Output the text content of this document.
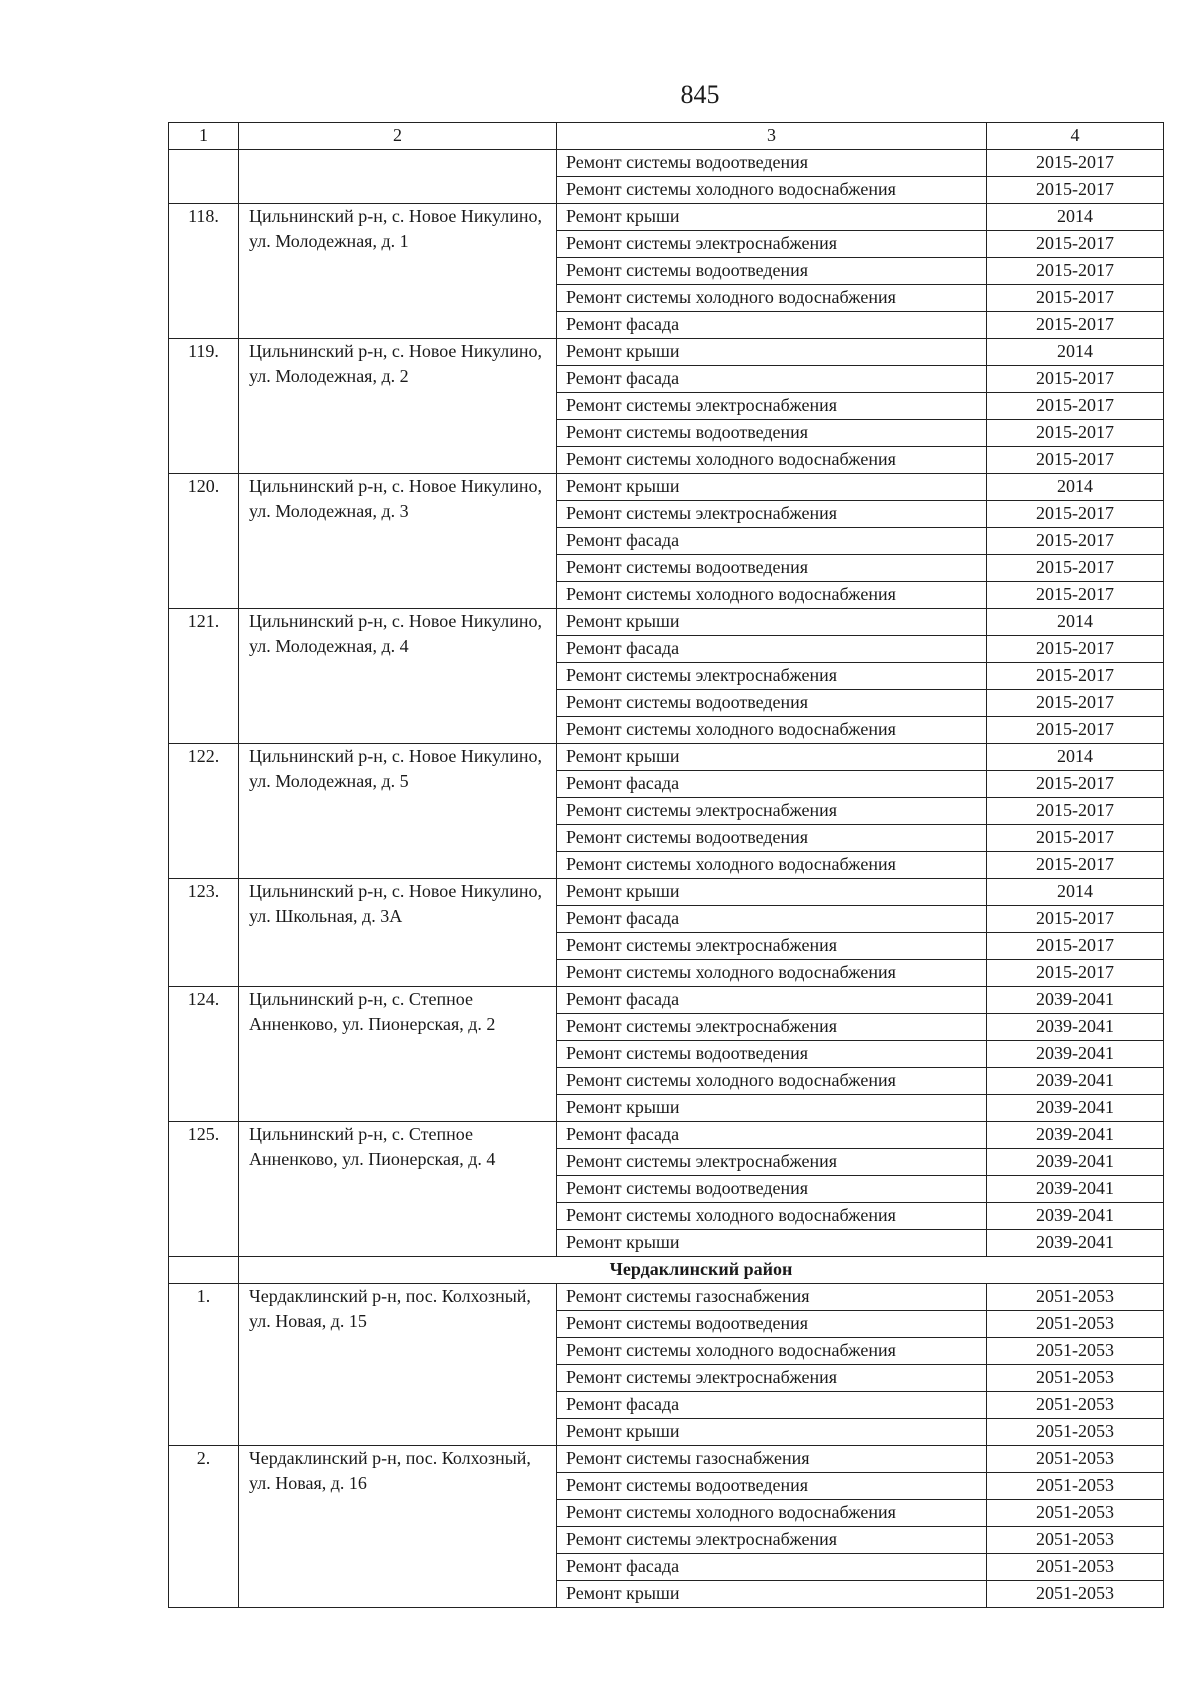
845
1	2	3	4
		Ремонт системы водоотведения	2015-2017
		Ремонт системы холодного водоснабжения	2015-2017
118.	Цильнинский р-н, с. Новое Никулино, ул. Молодежная, д. 1	Ремонт крыши	2014
		Ремонт системы электроснабжения	2015-2017
		Ремонт системы водоотведения	2015-2017
		Ремонт системы холодного водоснабжения	2015-2017
		Ремонт фасада	2015-2017
119.	Цильнинский р-н, с. Новое Никулино, ул. Молодежная, д. 2	Ремонт крыши	2014
		Ремонт фасада	2015-2017
		Ремонт системы электроснабжения	2015-2017
		Ремонт системы водоотведения	2015-2017
		Ремонт системы холодного водоснабжения	2015-2017
120.	Цильнинский р-н, с. Новое Никулино, ул. Молодежная, д. 3	Ремонт крыши	2014
		Ремонт системы электроснабжения	2015-2017
		Ремонт фасада	2015-2017
		Ремонт системы водоотведения	2015-2017
		Ремонт системы холодного водоснабжения	2015-2017
121.	Цильнинский р-н, с. Новое Никулино, ул. Молодежная, д. 4	Ремонт крыши	2014
		Ремонт фасада	2015-2017
		Ремонт системы электроснабжения	2015-2017
		Ремонт системы водоотведения	2015-2017
		Ремонт системы холодного водоснабжения	2015-2017
122.	Цильнинский р-н, с. Новое Никулино, ул. Молодежная, д. 5	Ремонт крыши	2014
		Ремонт фасада	2015-2017
		Ремонт системы электроснабжения	2015-2017
		Ремонт системы водоотведения	2015-2017
		Ремонт системы холодного водоснабжения	2015-2017
123.	Цильнинский р-н, с. Новое Никулино, ул. Школьная, д. 3А	Ремонт крыши	2014
		Ремонт фасада	2015-2017
		Ремонт системы электроснабжения	2015-2017
		Ремонт системы холодного водоснабжения	2015-2017
124.	Цильнинский р-н, с. Степное Анненково, ул. Пионерская, д. 2	Ремонт фасада	2039-2041
		Ремонт системы электроснабжения	2039-2041
		Ремонт системы водоотведения	2039-2041
		Ремонт системы холодного водоснабжения	2039-2041
		Ремонт крыши	2039-2041
125.	Цильнинский р-н, с. Степное Анненково, ул. Пионерская, д. 4	Ремонт фасада	2039-2041
		Ремонт системы электроснабжения	2039-2041
		Ремонт системы водоотведения	2039-2041
		Ремонт системы холодного водоснабжения	2039-2041
		Ремонт крыши	2039-2041
	Чердаклинский район		
1.	Чердаклинский р-н, пос. Колхозный, ул. Новая, д. 15	Ремонт системы газоснабжения	2051-2053
		Ремонт системы водоотведения	2051-2053
		Ремонт системы холодного водоснабжения	2051-2053
		Ремонт системы электроснабжения	2051-2053
		Ремонт фасада	2051-2053
		Ремонт крыши	2051-2053
2.	Чердаклинский р-н, пос. Колхозный, ул. Новая, д. 16	Ремонт системы газоснабжения	2051-2053
		Ремонт системы водоотведения	2051-2053
		Ремонт системы холодного водоснабжения	2051-2053
		Ремонт системы электроснабжения	2051-2053
		Ремонт фасада	2051-2053
		Ремонт крыши	2051-2053
